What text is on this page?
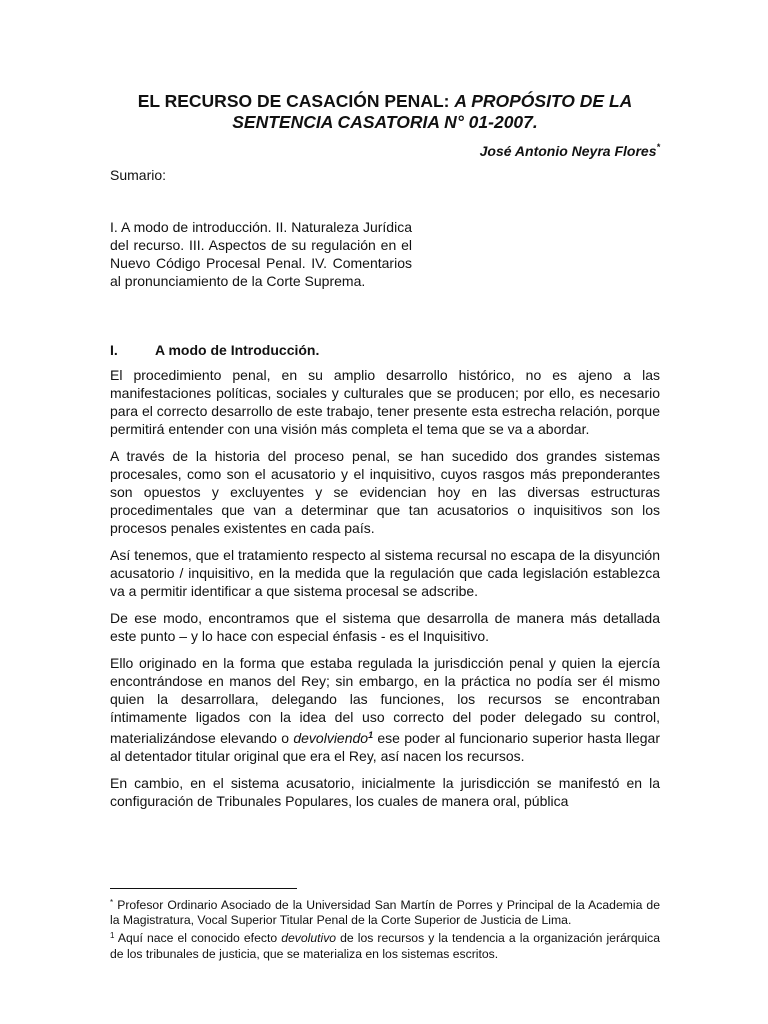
EL RECURSO DE CASACIÓN PENAL: A PROPÓSITO DE LA SENTENCIA CASATORIA N° 01-2007.
José Antonio Neyra Flores*
Sumario:
I. A modo de introducción. II. Naturaleza Jurídica del recurso. III. Aspectos de su regulación en el Nuevo Código Procesal Penal. IV. Comentarios al pronunciamiento de la Corte Suprema.
I.	A modo de Introducción.

El procedimiento penal, en su amplio desarrollo histórico, no es ajeno a las manifestaciones políticas, sociales y culturales que se producen; por ello, es necesario para el correcto desarrollo de este trabajo, tener presente esta estrecha relación, porque permitirá entender con una visión más completa el tema que se va a abordar.

A través de la historia del proceso penal, se han sucedido dos grandes sistemas procesales, como son el acusatorio y el inquisitivo, cuyos rasgos más preponderantes son opuestos y excluyentes y se evidencian hoy en las diversas estructuras procedimentales que van a determinar que tan acusatorios o inquisitivos son los procesos penales existentes en cada país.

Así tenemos, que el tratamiento respecto al sistema recursal no escapa de la disyunción acusatorio / inquisitivo, en la medida que la regulación que cada legislación establezca va a permitir identificar a que sistema procesal se adscribe.

De ese modo, encontramos que el sistema que desarrolla de manera más detallada este punto – y lo hace con especial énfasis - es el Inquisitivo.

Ello originado en la forma que estaba regulada la jurisdicción penal y quien la ejercía encontrándose en manos del Rey; sin embargo, en la práctica no podía ser él mismo quien la desarrollara, delegando las funciones, los recursos se encontraban íntimamente ligados con la idea del uso correcto del poder delegado su control, materializándose elevando o devolviendo$^1$ ese poder al funcionario superior hasta llegar al detentador titular original que era el Rey, así nacen los recursos.

En cambio, en el sistema acusatorio, inicialmente la jurisdicción se manifestó en la configuración de Tribunales Populares, los cuales de manera oral, pública

* Profesor Ordinario Asociado de la Universidad San Martín de Porres y Principal de la Academia de la Magistratura, Vocal Superior Titular Penal de la Corte Superior de Justicia de Lima.

$^1$ Aquí nace el conocido efecto devolutivo de los recursos y la tendencia a la organización jerárquica de los tribunales de justicia, que se materializa en los sistemas escritos.
